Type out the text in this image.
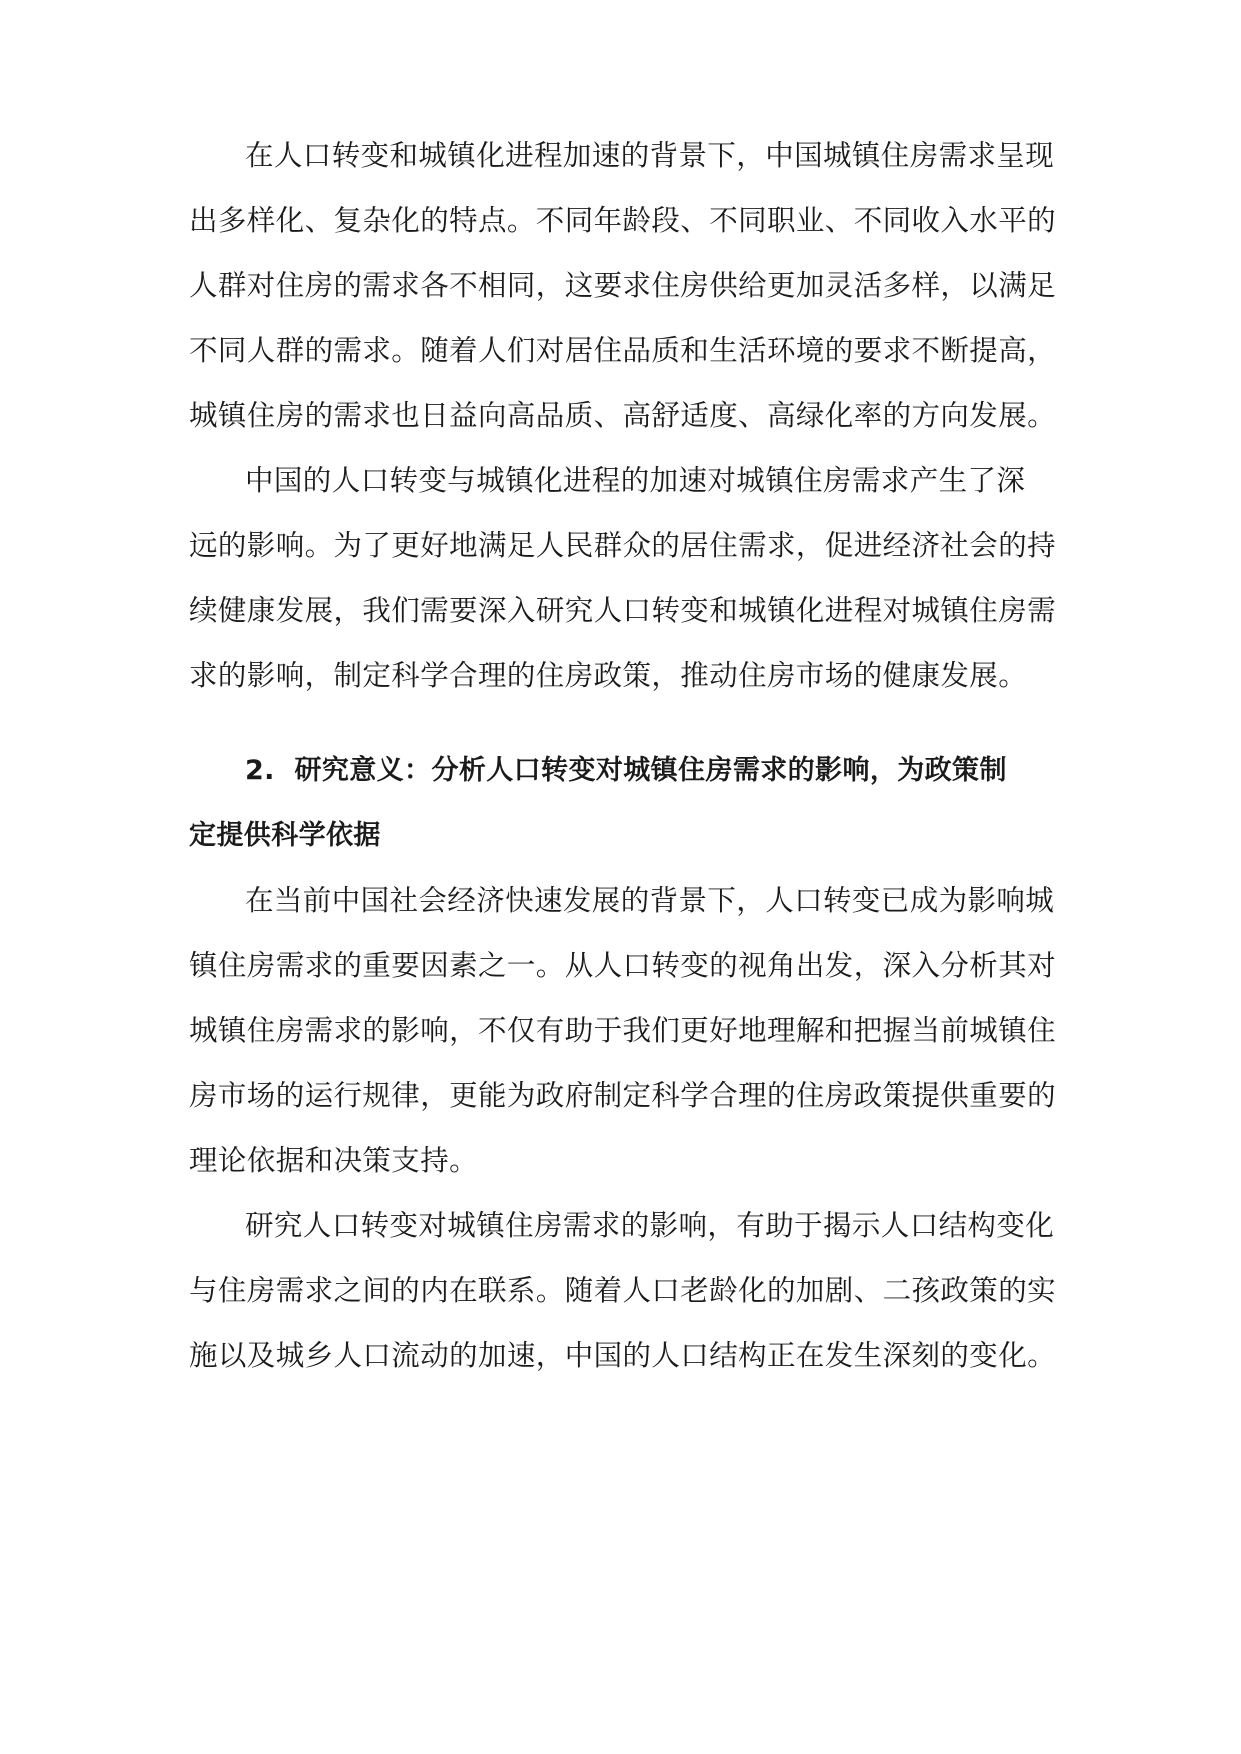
在人口转变和城镇化进程加速的背景下，中国城镇住房需求呈现

出多样化、复杂化的特点。不同年龄段、不同职业、不同收入水平的

人群对住房的需求各不相同，这要求住房供给更加灵活多样，以满足

不同人群的需求。随着人们对居住品质和生活环境的要求不断提高，

城镇住房的需求也日益向高品质、高舒适度、高绿化率的方向发展。

中国的人口转变与城镇化进程的加速对城镇住房需求产生了深

远的影响。为了更好地满足人民群众的居住需求，促进经济社会的持

续健康发展，我们需要深入研究人口转变和城镇化进程对城镇住房需

求的影响，制定科学合理的住房政策，推动住房市场的健康发展。

2. 研究意义：分析人口转变对城镇住房需求的影响，为政策制

定提供科学依据

在当前中国社会经济快速发展的背景下，人口转变已成为影响城

镇住房需求的重要因素之一。从人口转变的视角出发，深入分析其对

城镇住房需求的影响，不仅有助于我们更好地理解和把握当前城镇住

房市场的运行规律，更能为政府制定科学合理的住房政策提供重要的

理论依据和决策支持。

研究人口转变对城镇住房需求的影响，有助于揭示人口结构变化

与住房需求之间的内在联系。随着人口老龄化的加剧、二孩政策的实

施以及城乡人口流动的加速，中国的人口结构正在发生深刻的变化。
